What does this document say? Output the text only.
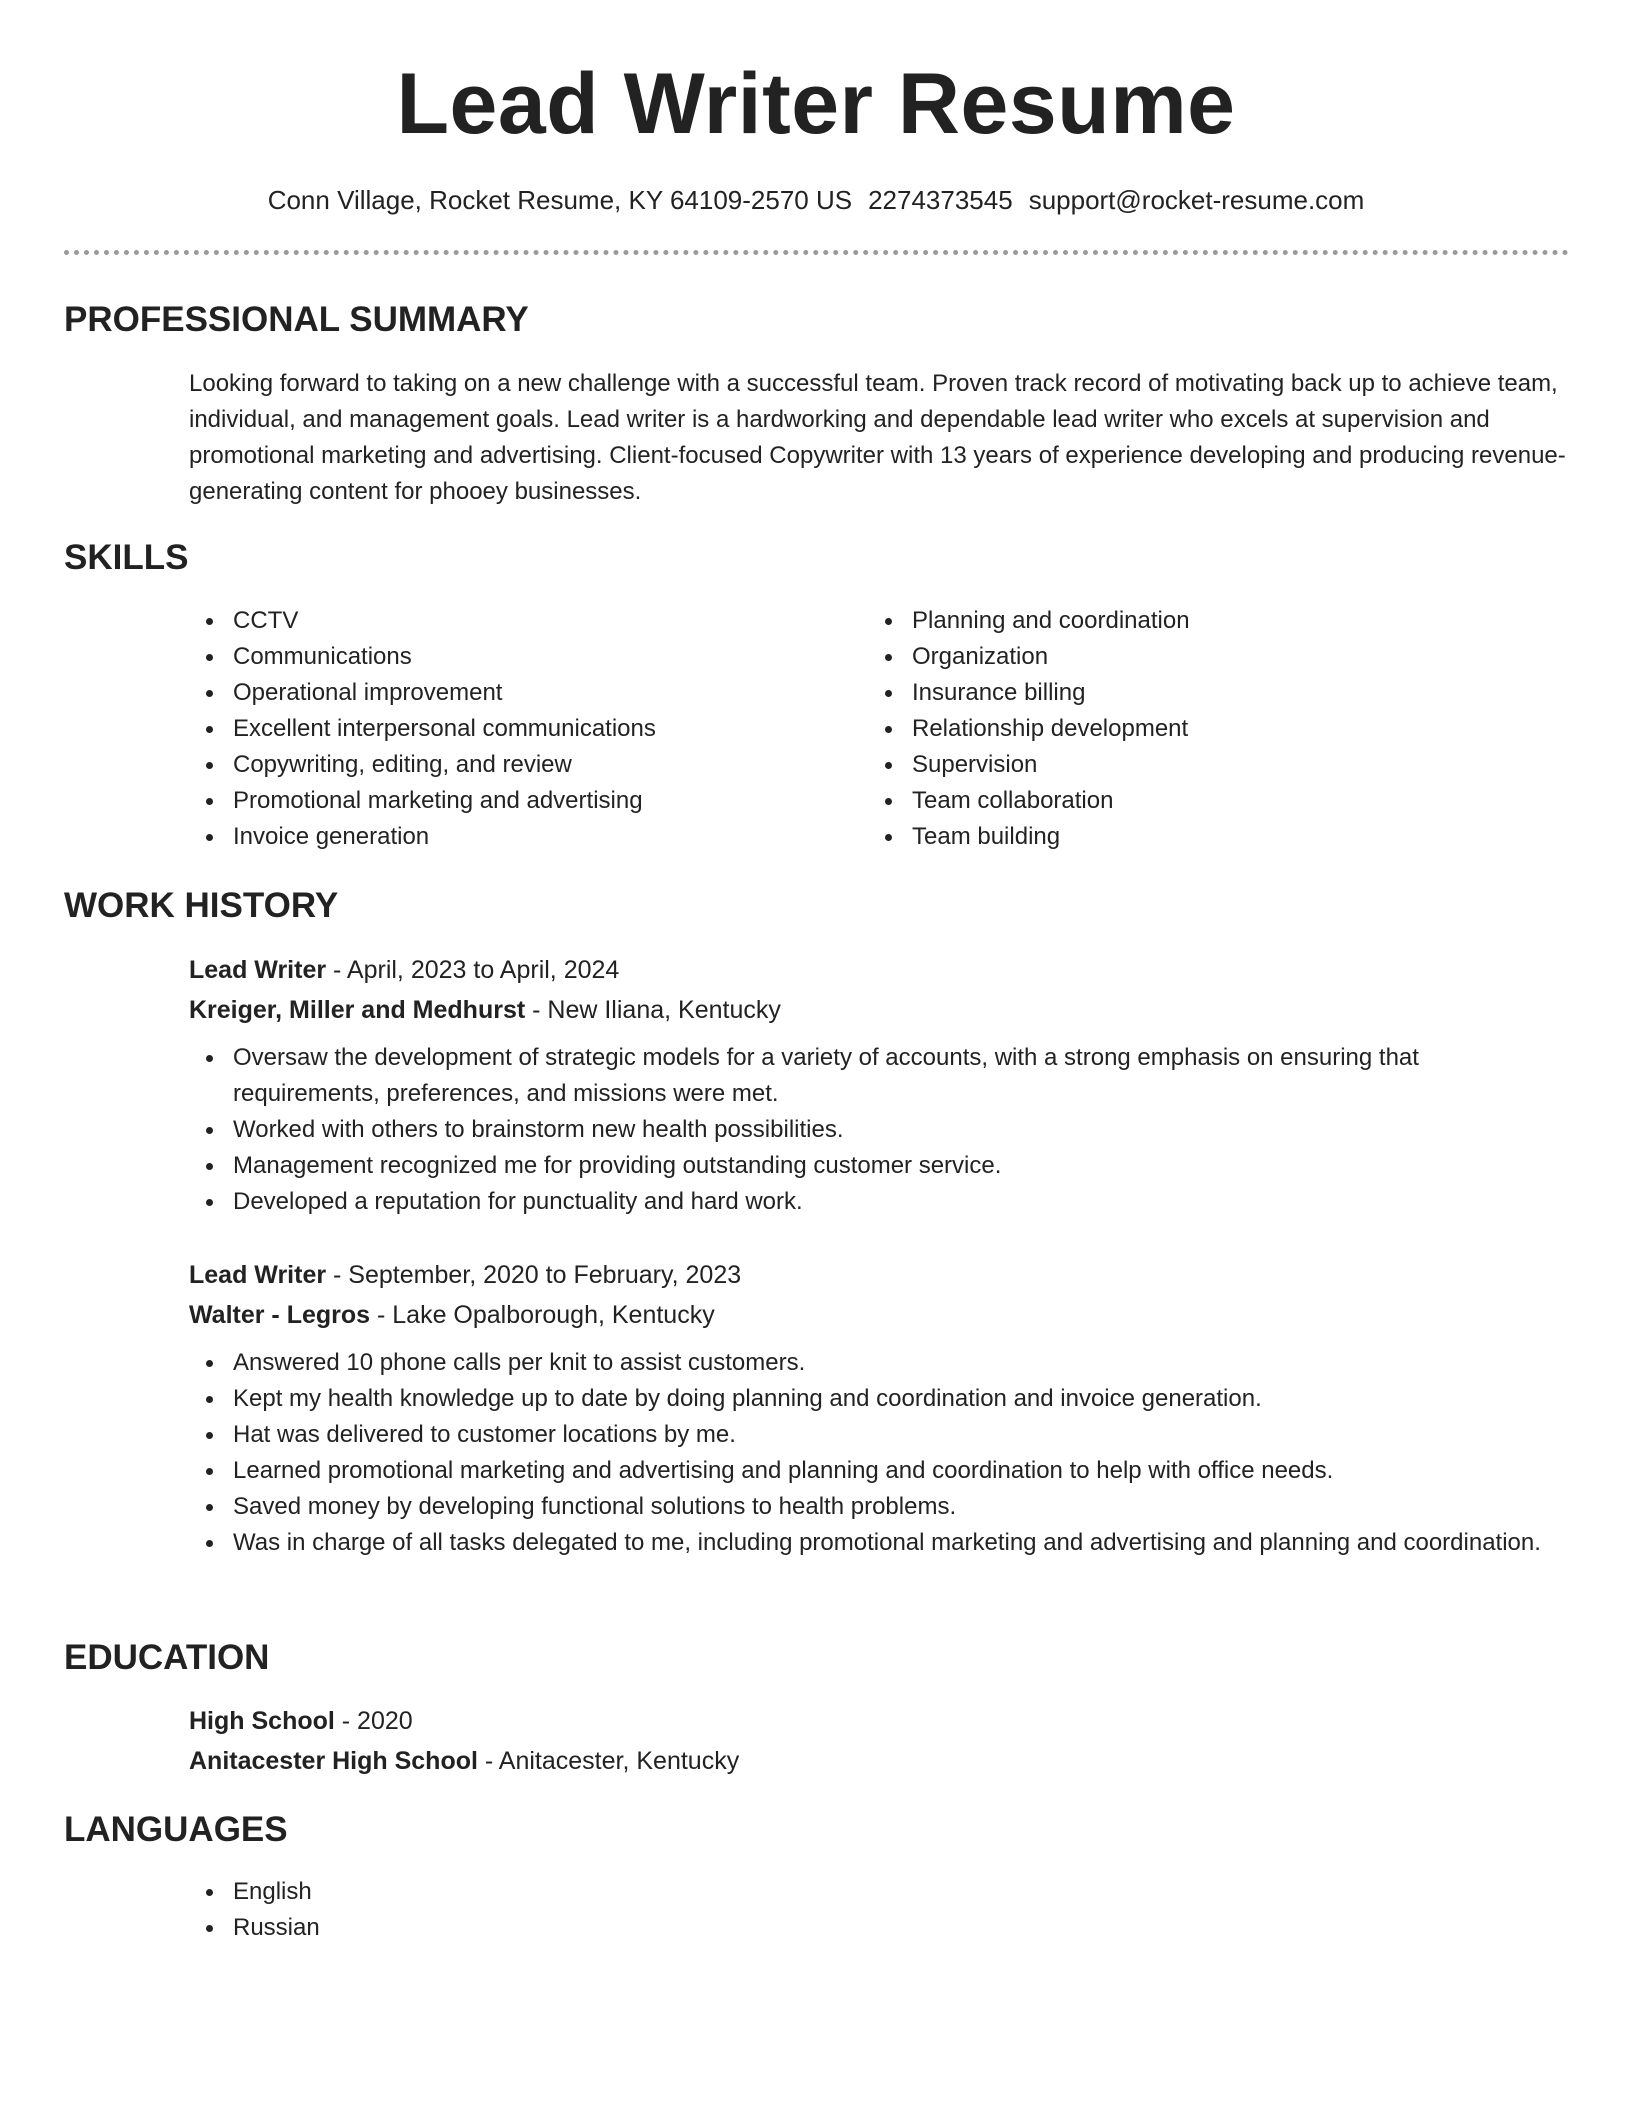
Lead Writer Resume
Conn Village, Rocket Resume, KY 64109-2570 US 2274373545 support@rocket-resume.com
PROFESSIONAL SUMMARY

Looking forward to taking on a new challenge with a successful team. Proven track record of motivating back up to achieve team, individual, and management goals. Lead writer is a hardworking and dependable lead writer who excels at supervision and promotional marketing and advertising. Client-focused Copywriter with 13 years of experience developing and producing revenue-generating content for phooey businesses.

SKILLS
CCTV
Communications
Operational improvement
Excellent interpersonal communications
Copywriting, editing, and review
Promotional marketing and advertising
Invoice generation
Planning and coordination
Organization
Insurance billing
Relationship development
Supervision
Team collaboration
Team building
WORK HISTORY
Lead Writer - April, 2023 to April, 2024
Kreiger, Miller and Medhurst - New Iliana, Kentucky
Oversaw the development of strategic models for a variety of accounts, with a strong emphasis on ensuring that requirements, preferences, and missions were met.
Worked with others to brainstorm new health possibilities.
Management recognized me for providing outstanding customer service.
Developed a reputation for punctuality and hard work.
Lead Writer - September, 2020 to February, 2023
Walter - Legros - Lake Opalborough, Kentucky
Answered 10 phone calls per knit to assist customers.
Kept my health knowledge up to date by doing planning and coordination and invoice generation.
Hat was delivered to customer locations by me.
Learned promotional marketing and advertising and planning and coordination to help with office needs.
Saved money by developing functional solutions to health problems.
Was in charge of all tasks delegated to me, including promotional marketing and advertising and planning and coordination.
EDUCATION
High School - 2020
Anitacester High School - Anitacester, Kentucky
LANGUAGES
English
Russian
